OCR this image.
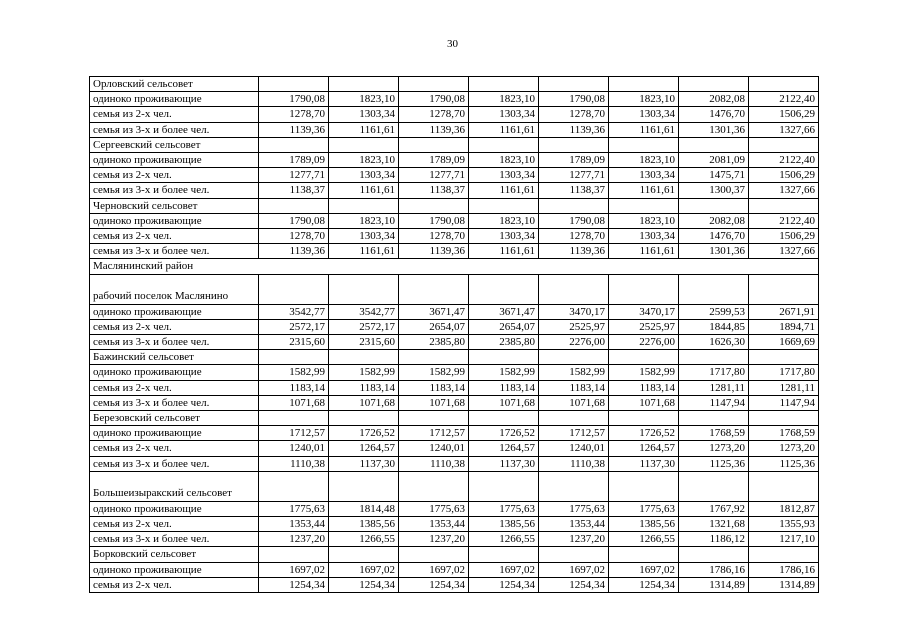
30
Орловский сельсовет								
одиноко проживающие	1790,08	1823,10	1790,08	1823,10	1790,08	1823,10	2082,08	2122,40
семья из 2-х чел.	1278,70	1303,34	1278,70	1303,34	1278,70	1303,34	1476,70	1506,29
семья из 3-х и более чел.	1139,36	1161,61	1139,36	1161,61	1139,36	1161,61	1301,36	1327,66
Сергеевский сельсовет								
одиноко проживающие	1789,09	1823,10	1789,09	1823,10	1789,09	1823,10	2081,09	2122,40
семья из 2-х чел.	1277,71	1303,34	1277,71	1303,34	1277,71	1303,34	1475,71	1506,29
семья из 3-х и более чел.	1138,37	1161,61	1138,37	1161,61	1138,37	1161,61	1300,37	1327,66
Черновский сельсовет								
одиноко проживающие	1790,08	1823,10	1790,08	1823,10	1790,08	1823,10	2082,08	2122,40
семья из 2-х чел.	1278,70	1303,34	1278,70	1303,34	1278,70	1303,34	1476,70	1506,29
семья из 3-х и более чел.	1139,36	1161,61	1139,36	1161,61	1139,36	1161,61	1301,36	1327,66
Маслянинский район								
рабочий поселок Маслянино								
одиноко проживающие	3542,77	3542,77	3671,47	3671,47	3470,17	3470,17	2599,53	2671,91
семья из 2-х чел.	2572,17	2572,17	2654,07	2654,07	2525,97	2525,97	1844,85	1894,71
семья из 3-х и более чел.	2315,60	2315,60	2385,80	2385,80	2276,00	2276,00	1626,30	1669,69
Бажинский сельсовет								
одиноко проживающие	1582,99	1582,99	1582,99	1582,99	1582,99	1582,99	1717,80	1717,80
семья из 2-х чел.	1183,14	1183,14	1183,14	1183,14	1183,14	1183,14	1281,11	1281,11
семья из 3-х и более чел.	1071,68	1071,68	1071,68	1071,68	1071,68	1071,68	1147,94	1147,94
Березовский сельсовет								
одиноко проживающие	1712,57	1726,52	1712,57	1726,52	1712,57	1726,52	1768,59	1768,59
семья из 2-х чел.	1240,01	1264,57	1240,01	1264,57	1240,01	1264,57	1273,20	1273,20
семья из 3-х и более чел.	1110,38	1137,30	1110,38	1137,30	1110,38	1137,30	1125,36	1125,36
Большеизыракский сельсовет								
одиноко проживающие	1775,63	1814,48	1775,63	1775,63	1775,63	1775,63	1767,92	1812,87
семья из 2-х чел.	1353,44	1385,56	1353,44	1385,56	1353,44	1385,56	1321,68	1355,93
семья из 3-х и более чел.	1237,20	1266,55	1237,20	1266,55	1237,20	1266,55	1186,12	1217,10
Борковский сельсовет								
одиноко проживающие	1697,02	1697,02	1697,02	1697,02	1697,02	1697,02	1786,16	1786,16
семья из 2-х чел.	1254,34	1254,34	1254,34	1254,34	1254,34	1254,34	1314,89	1314,89
